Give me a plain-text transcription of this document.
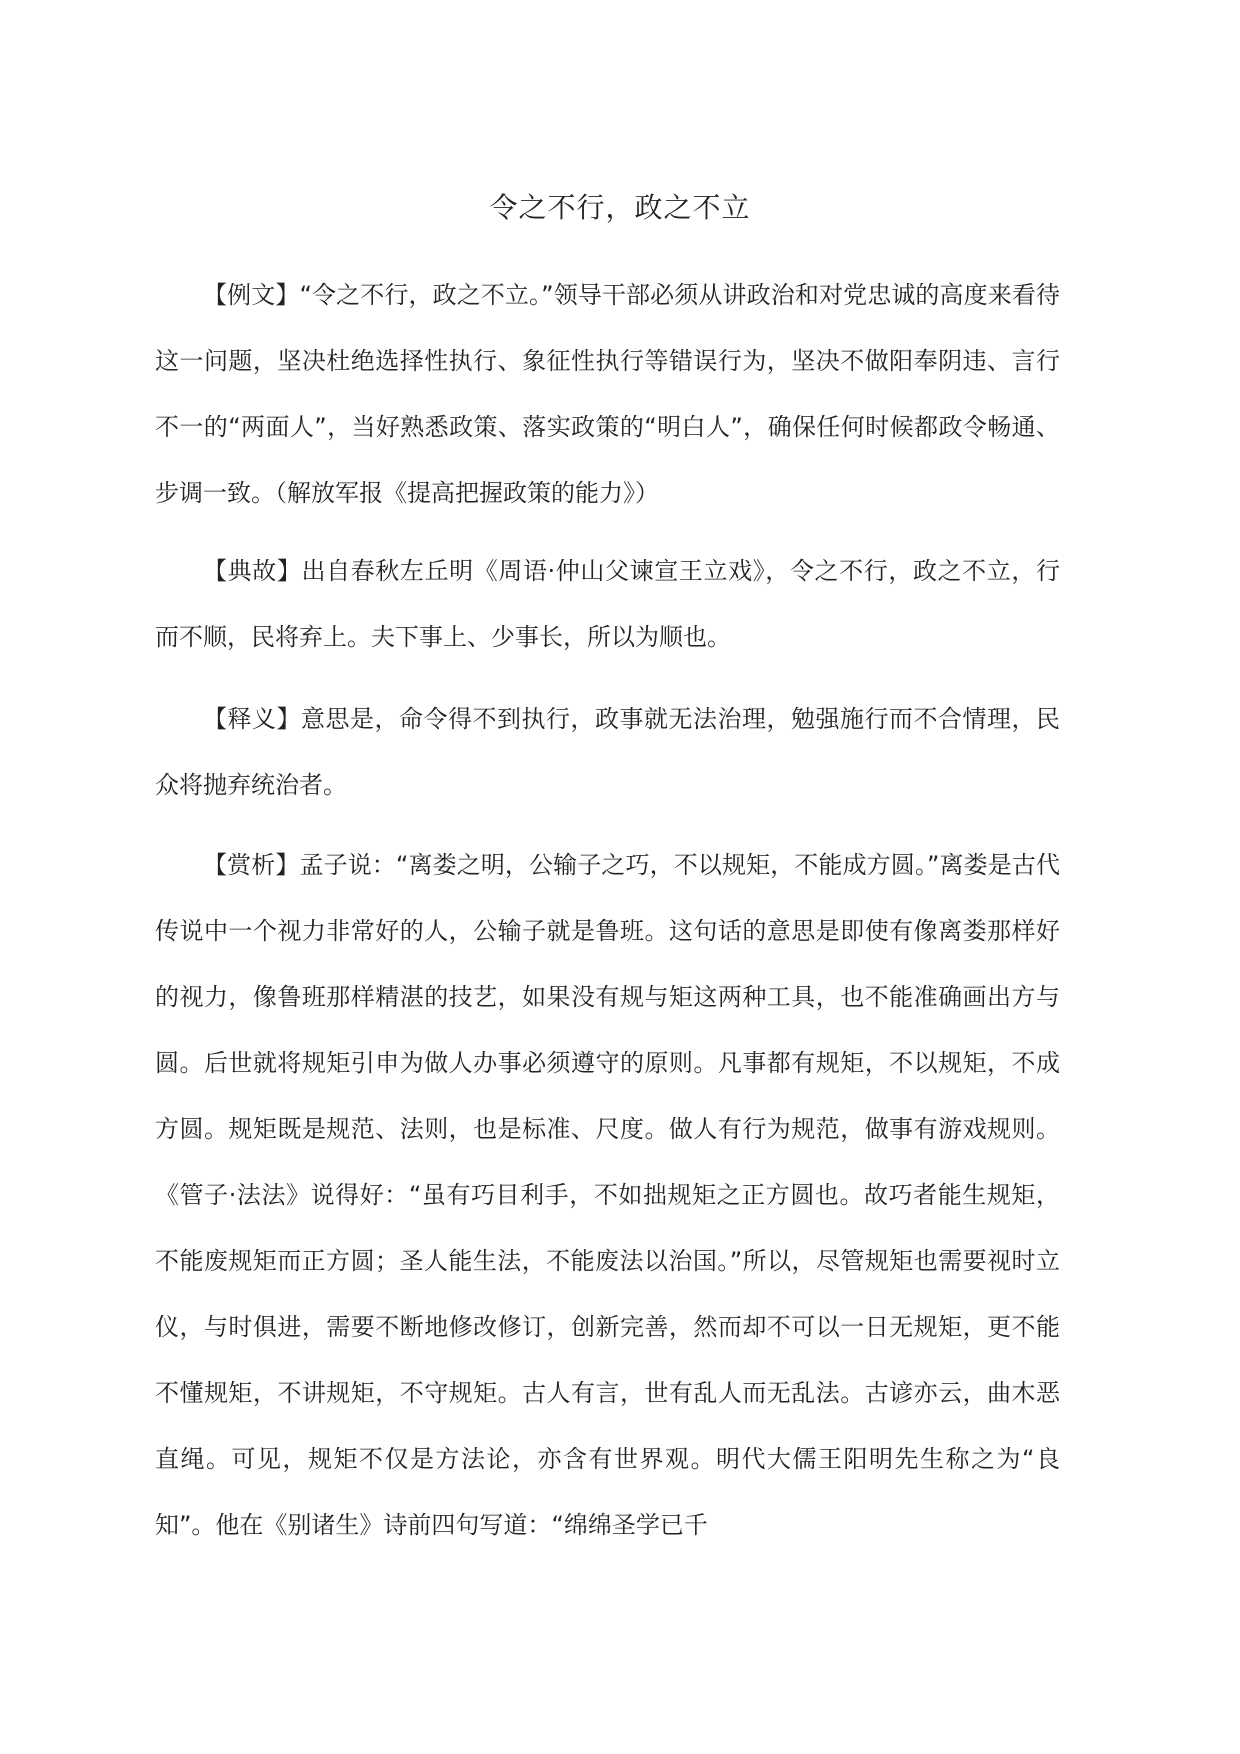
令之不行，政之不立

【例文】“令之不行，政之不立。”领导干部必须从讲政治和对党忠诚的高度来看待这一问题，坚决杜绝选择性执行、象征性执行等错误行为，坚决不做阳奉阴违、言行不一的“两面人”，当好熟悉政策、落实政策的“明白人”，确保任何时候都政令畅通、步调一致。（解放军报《提高把握政策的能力》）

【典故】出自春秋左丘明《周语·仲山父谏宣王立戏》，令之不行，政之不立，行而不顺，民将弃上。夫下事上、少事长，所以为顺也。

【释义】意思是，命令得不到执行，政事就无法治理，勉强施行而不合情理，民众将抛弃统治者。

【赏析】孟子说：“离娄之明，公输子之巧，不以规矩，不能成方圆。”离娄是古代传说中一个视力非常好的人，公输子就是鲁班。这句话的意思是即使有像离娄那样好的视力，像鲁班那样精湛的技艺，如果没有规与矩这两种工具，也不能准确画出方与圆。后世就将规矩引申为做人办事必须遵守的原则。凡事都有规矩，不以规矩，不成方圆。规矩既是规范、法则，也是标准、尺度。做人有行为规范，做事有游戏规则。《管子·法法》说得好：“虽有巧目利手，不如拙规矩之正方圆也。故巧者能生规矩，不能废规矩而正方圆；圣人能生法，不能废法以治国。”所以，尽管规矩也需要视时立仪，与时俱进，需要不断地修改修订，创新完善，然而却不可以一日无规矩，更不能不懂规矩，不讲规矩，不守规矩。古人有言，世有乱人而无乱法。古谚亦云，曲木恶直绳。可见，规矩不仅是方法论，亦含有世界观。明代大儒王阳明先生称之为“良知”。他在《别诸生》诗前四句写道：“绵绵圣学已千
